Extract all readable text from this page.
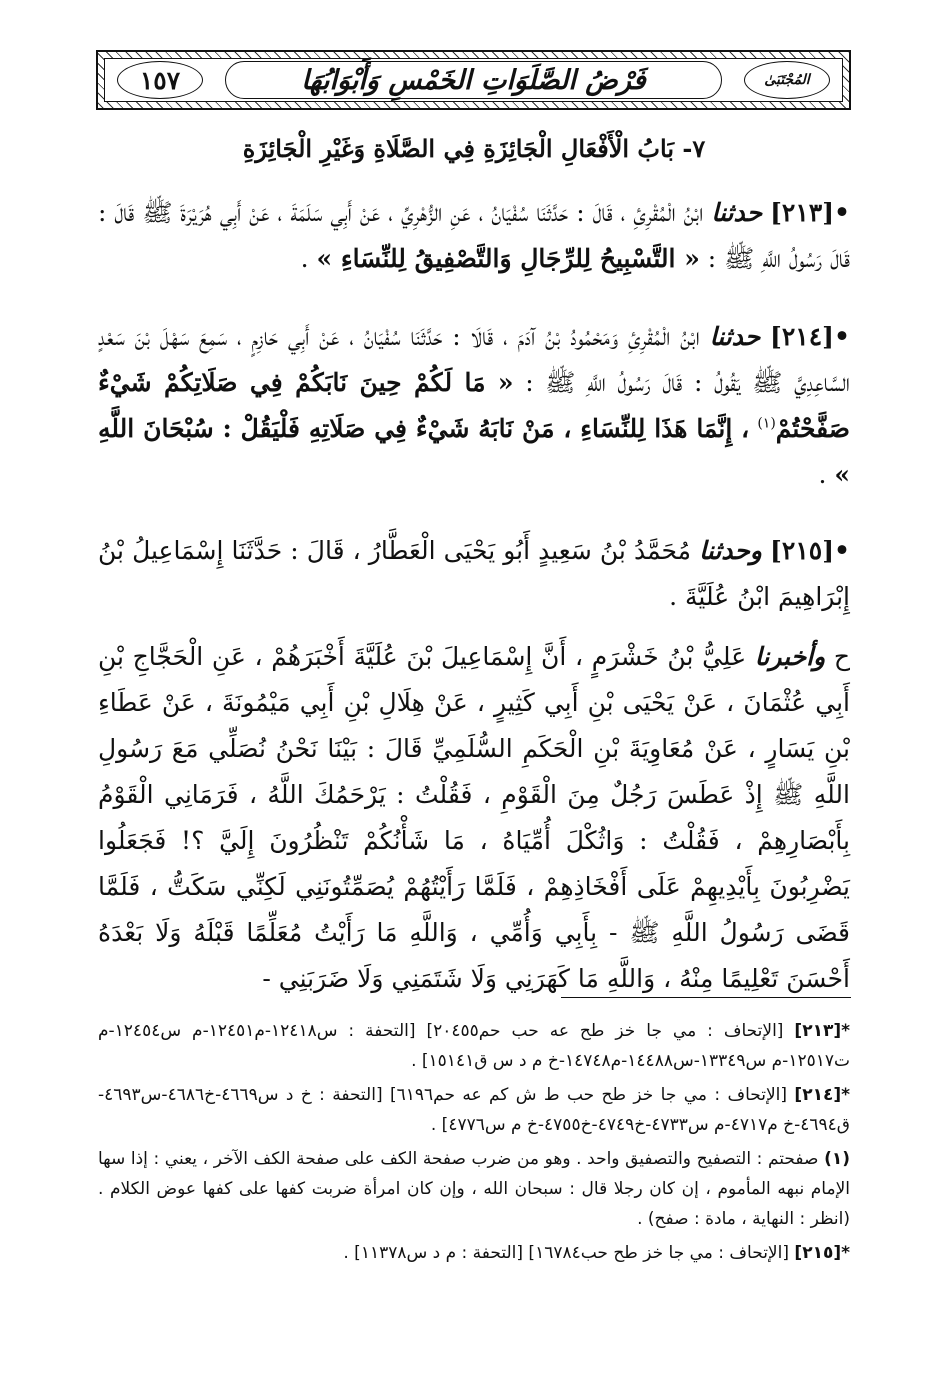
المُجْتَبَىٰ
فَرْضُ الصَّلَوَاتِ الخَمْسِ وَأَبْوَابُهَا
١٥٧
٧- بَابُ الْأَفْعَالِ الْجَائِزَةِ فِي الصَّلَاةِ وَغَيْرِ الْجَائِزَةِ

•[٢١٣] حدثنا ابْنُ الْمُقْرِئِ ، قَالَ : حَدَّثَنَا سُفْيَانُ ، عَنِ الزُّهْرِيِّ ، عَنْ أَبِي سَلَمَةَ ، عَنْ أَبِي هُرَيْرَةَ ﷺ قَالَ : قَالَ رَسُولُ اللَّهِ ﷺ : « التَّسْبِيحُ لِلرِّجَالِ وَالتَّصْفِيقُ لِلنِّسَاءِ » .

•[٢١٤] حدثنا ابْنُ الْمُقْرِئِ وَمَحْمُودُ بْنُ آدَمَ ، قَالَا : حَدَّثَنَا سُفْيَانُ ، عَنْ أَبِي حَازِمٍ ، سَمِعَ سَهْلَ بْنَ سَعْدٍ السَّاعِدِيَّ ﷺ يَقُولُ : قَالَ رَسُولُ اللَّهِ ﷺ : « مَا لَكُمْ حِينَ نَابَكُمْ فِي صَلَاتِكُمْ شَيْءٌ صَفَّحْتُمْ$^{(١)}$ ، إِنَّمَا هَذَا لِلنِّسَاءِ ، مَنْ نَابَهُ شَيْءٌ فِي صَلَاتِهِ فَلْيَقُلْ : سُبْحَانَ اللَّهِ » .

•[٢١٥] وحدثنا مُحَمَّدُ بْنُ سَعِيدٍ أَبُو يَحْيَى الْعَطَّارُ ، قَالَ : حَدَّثَنَا إِسْمَاعِيلُ بْنُ إِبْرَاهِيمَ ابْنُ عُلَيَّةَ .

ح وأخبرنا عَلِيُّ بْنُ خَشْرَمٍ ، أَنَّ إِسْمَاعِيلَ بْنَ عُلَيَّةَ أَخْبَرَهُمْ ، عَنِ الْحَجَّاجِ بْنِ أَبِي عُثْمَانَ ، عَنْ يَحْيَى بْنِ أَبِي كَثِيرٍ ، عَنْ هِلَالِ بْنِ أَبِي مَيْمُونَةَ ، عَنْ عَطَاءِ بْنِ يَسَارٍ ، عَنْ مُعَاوِيَةَ بْنِ الْحَكَمِ السُّلَمِيِّ قَالَ : بَيْنَا نَحْنُ نُصَلِّي مَعَ رَسُولِ اللَّهِ ﷺ إِذْ عَطَسَ رَجُلٌ مِنَ الْقَوْمِ ، فَقُلْتُ : يَرْحَمُكَ اللَّهُ ، فَرَمَانِي الْقَوْمُ بِأَبْصَارِهِمْ ، فَقُلْتُ : وَاثُكْلَ أُمِّيَاهُ ، مَا شَأْنُكُمْ تَنْظُرُونَ إِلَيَّ ؟! فَجَعَلُوا يَضْرِبُونَ بِأَيْدِيهِمْ عَلَى أَفْخَاذِهِمْ ، فَلَمَّا رَأَيْتُهُمْ يُصَمِّتُونَنِي لَكِنِّي سَكَتُّ ، فَلَمَّا قَضَى رَسُولُ اللَّهِ ﷺ - بِأَبِي وَأُمِّي ، وَاللَّهِ مَا رَأَيْتُ مُعَلِّمًا قَبْلَهُ وَلَا بَعْدَهُ أَحْسَنَ تَعْلِيمًا مِنْهُ ، وَاللَّهِ مَا كَهَرَنِي وَلَا شَتَمَنِي وَلَا ضَرَبَنِي -

*[٢١٣] [الإتحاف : مي جا خز طح عه حب حم٢٠٤٥٥] [التحفة : س١٢٤١٨-م١٢٤٥١-م س١٢٤٥٤-م ت١٢٥١٧-م س١٣٣٤٩-س١٤٤٨٨-م١٤٧٤٨-خ م د س ق١٥١٤١] .

*[٢١٤] [الإتحاف : مي جا خز طح حب ط ش كم عه حم٦١٩٦] [التحفة : خ د س٤٦٦٩-خ٤٦٨٦-س٤٦٩٣-ق٤٦٩٤-خ م٤٧١٧-م س٤٧٣٣-خ٤٧٤٩-خ٤٧٥٥-خ م س٤٧٧٦] .

(١) صفحتم : التصفيح والتصفيق واحد . وهو من ضرب صفحة الكف على صفحة الكف الآخر ، يعني : إذا سها الإمام نبهه المأموم ، إن كان رجلا قال : سبحان الله ، وإن كان امرأة ضربت كفها على كفها عوض الكلام . (انظر : النهاية ، مادة : صفح) .

*[٢١٥] [الإتحاف : مي جا خز طح حب١٦٧٨٤] [التحفة : م د س١١٣٧٨] .
